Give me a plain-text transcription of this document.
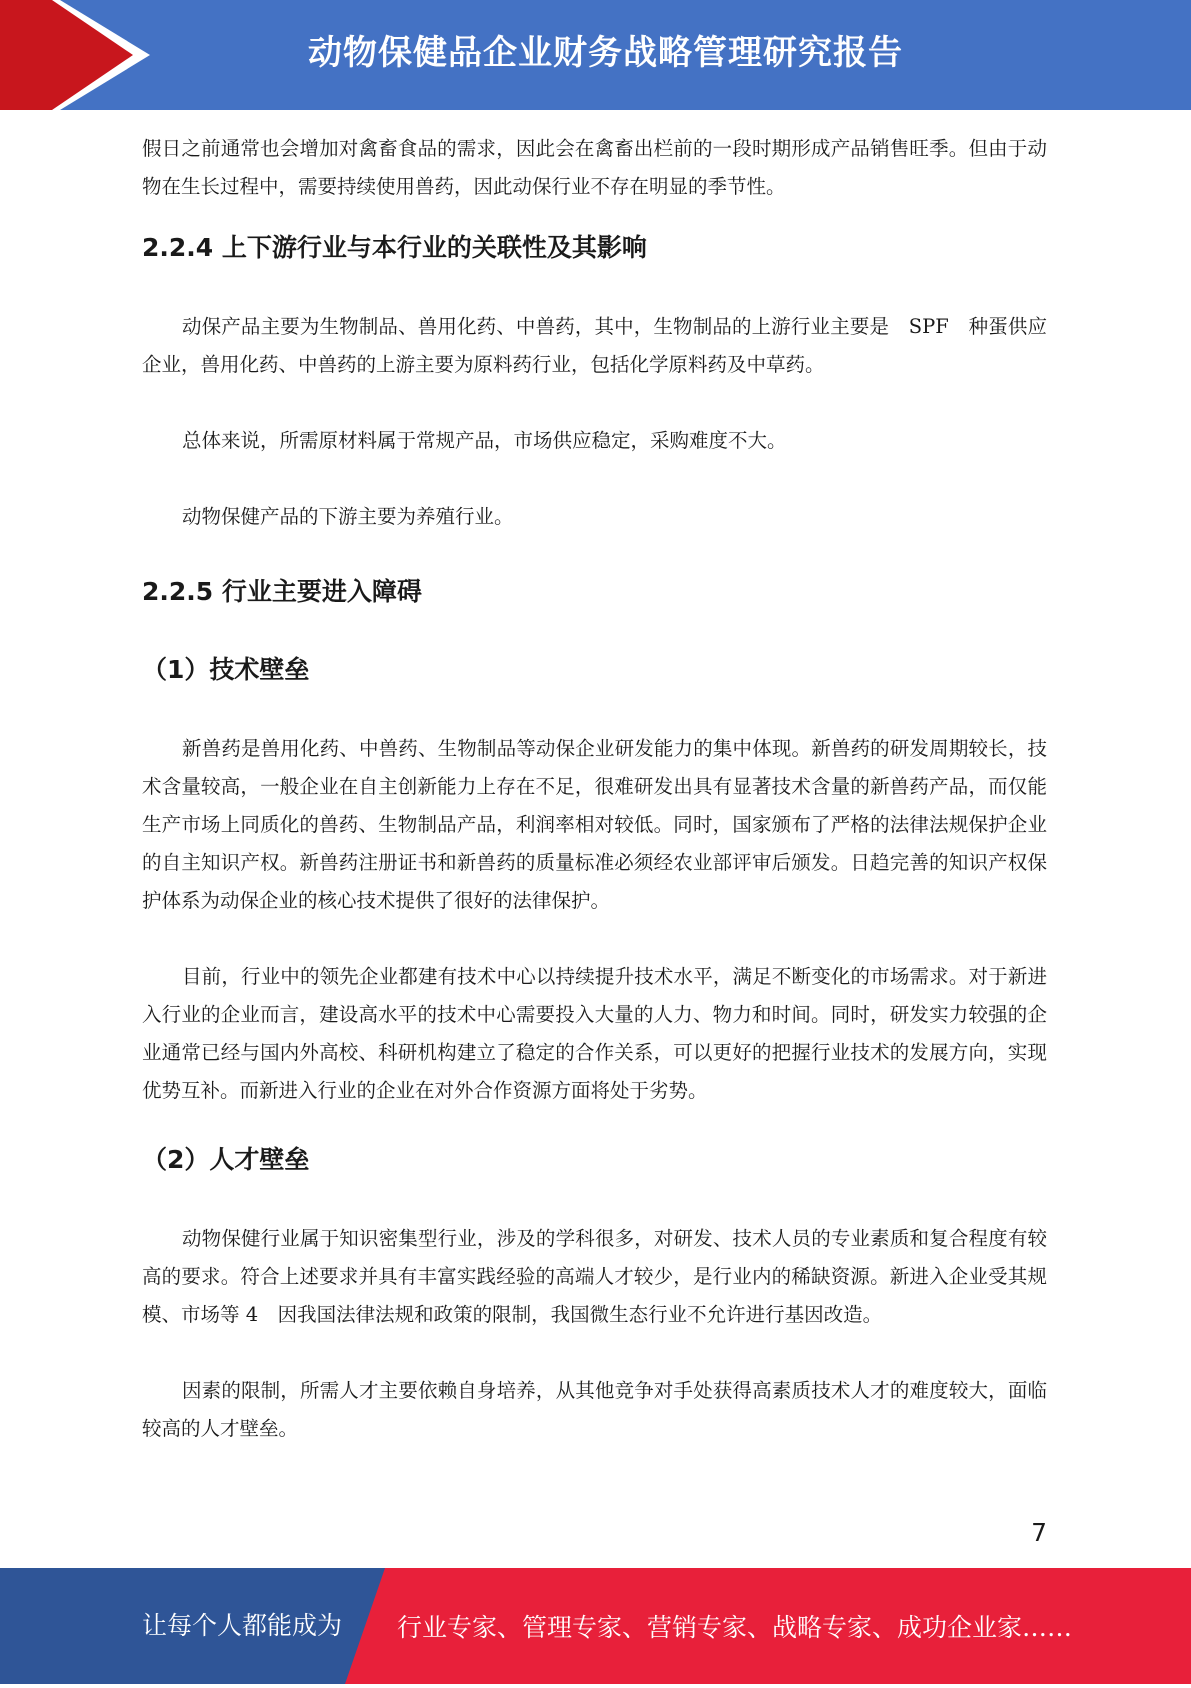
动物保健品企业财务战略管理研究报告

假日之前通常也会增加对禽畜食品的需求，因此会在禽畜出栏前的一段时期形成产品销售旺季。但由于动物在生长过程中，需要持续使用兽药，因此动保行业不存在明显的季节性。

2.2.4 上下游行业与本行业的关联性及其影响

动保产品主要为生物制品、兽用化药、中兽药，其中，生物制品的上游行业主要是　SPF　种蛋供应企业，兽用化药、中兽药的上游主要为原料药行业，包括化学原料药及中草药。

总体来说，所需原材料属于常规产品，市场供应稳定，采购难度不大。

动物保健产品的下游主要为养殖行业。

2.2.5 行业主要进入障碍
（1）技术壁垒

新兽药是兽用化药、中兽药、生物制品等动保企业研发能力的集中体现。新兽药的研发周期较长，技术含量较高，一般企业在自主创新能力上存在不足，很难研发出具有显著技术含量的新兽药产品，而仅能生产市场上同质化的兽药、生物制品产品，利润率相对较低。同时，国家颁布了严格的法律法规保护企业的自主知识产权。新兽药注册证书和新兽药的质量标准必须经农业部评审后颁发。日趋完善的知识产权保护体系为动保企业的核心技术提供了很好的法律保护。

目前，行业中的领先企业都建有技术中心以持续提升技术水平，满足不断变化的市场需求。对于新进入行业的企业而言，建设高水平的技术中心需要投入大量的人力、物力和时间。同时，研发实力较强的企业通常已经与国内外高校、科研机构建立了稳定的合作关系，可以更好的把握行业技术的发展方向，实现优势互补。而新进入行业的企业在对外合作资源方面将处于劣势。

（2）人才壁垒

动物保健行业属于知识密集型行业，涉及的学科很多，对研发、技术人员的专业素质和复合程度有较高的要求。符合上述要求并具有丰富实践经验的高端人才较少，是行业内的稀缺资源。新进入企业受其规模、市场等 4　因我国法律法规和政策的限制，我国微生态行业不允许进行基因改造。

因素的限制，所需人才主要依赖自身培养，从其他竞争对手处获得高素质技术人才的难度较大，面临较高的人才壁垒。

7
让每个人都能成为 行业专家、管理专家、营销专家、战略专家、成功企业家……
